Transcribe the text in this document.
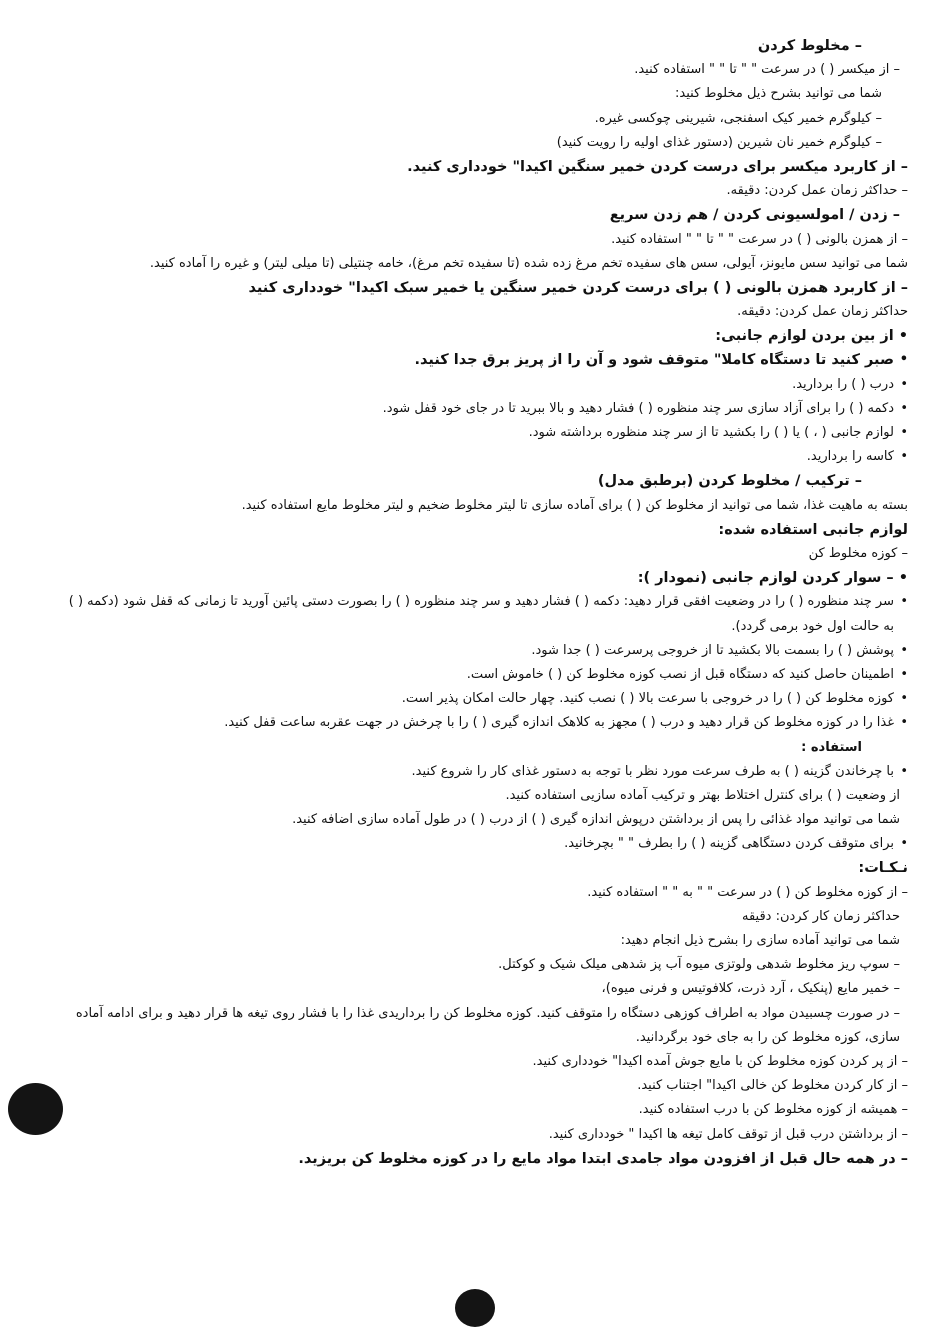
– مخلوط کردن
– از میکسر ( ) در سرعت " " تا " " استفاده کنید.
شما می توانید بشرح ذیل مخلوط کنید:
– کیلوگرم خمیر کیک اسفنجی، شیرینی چوکسی غیره.
– کیلوگرم خمیر نان شیرین (دستور غذای اولیه را رویت کنید)
– از کاربرد میکسر برای درست کردن خمیر سنگین اکیدا" خودداری کنید.
– حداکثر زمان عمل کردن: دقیقه.
– زدن / امولسیونی کردن / هم زدن سریع
– از همزن بالونی ( ) در سرعت " " تا " " استفاده کنید.
شما می توانید سس مایونز، آیولی، سس های سفیده تخم مرغ زده شده (تا سفیده تخم مرغ)، خامه چنتیلی (تا میلی لیتر) و غیره را آماده کنید.
– از کاربرد همزن بالونی ( ) برای درست کردن خمیر سنگین یا خمیر سبک اکیدا" خودداری کنید
حداکثر زمان عمل کردن: دقیقه.
• از بین بردن لوازم جانبی:
• صبر کنید تا دستگاه کاملا" متوقف شود و آن را از پریز برق جدا کنید.
• درب ( ) را بردارید.
• دکمه ( ) را برای آزاد سازی سر چند منظوره ( ) فشار دهید و بالا ببرید تا در جای خود قفل شود.
• لوازم جانبی ( ، ) یا ( ) را بکشید تا از سر چند منظوره برداشته شود.
• کاسه را بردارید.
– ترکیب / مخلوط کردن (برطبق مدل)
بسته به ماهیت غذا، شما می توانید از مخلوط کن ( ) برای آماده سازی تا لیتر مخلوط ضخیم و لیتر مخلوط مایع استفاده کنید.
لوازم جانبی استفاده شده:
– کوزه مخلوط کن
• – سوار کردن لوازم جانبی (نمودار ):
• سر چند منظوره ( ) را در وضعیت افقی قرار دهید: دکمه ( ) فشار دهید و سر چند منظوره ( ) را بصورت دستی پائین آورید تا زمانی که قفل شود (دکمه ( ) به حالت اول خود برمی گردد).
• پوشش ( ) را بسمت بالا بکشید تا از خروجی پرسرعت ( ) جدا شود.
• اطمینان حاصل کنید که دستگاه قبل از نصب کوزه مخلوط کن ( ) خاموش است.
• کوزه مخلوط کن ( ) را در خروجی با سرعت بالا ( ) نصب کنید. چهار حالت امکان پذیر است.
• غذا را در کوزه مخلوط کن قرار دهید و درب ( ) مجهز به کلاهک اندازه گیری ( ) را با چرخش در جهت عقربه ساعت قفل کنید.
استفاده :
• با چرخاندن گزینه ( ) به طرف سرعت مورد نظر با توجه به دستور غذای کار را شروع کنید.
از وضعیت ( ) برای کنترل اختلاط بهتر و ترکیب آماده سازیی استفاده کنید.
شما می توانید مواد غذائی را پس از برداشتن درپوش اندازه گیری ( ) از درب ( ) در طول آماده سازی اضافه کنید.
• برای متوقف کردن دستگاهی گزینه ( ) را بطرف " " بچرخانید.
نـکـات:
– از کوزه مخلوط کن ( ) در سرعت " " به " " استفاده کنید.
حداکثر زمان کار کردن: دقیقه
شما می توانید آماده سازی را بشرح ذیل انجام دهید:
– سوپ ریز مخلوط شدهی ولوتزی میوه آب پز شدهی میلک شیک و کوکتل.
– خمیر مایع (پنکیک ، آرد ذرت، کلافوتیس و فرنی میوه)،
– در صورت چسبیدن مواد به اطراف کوزهی دستگاه را متوقف کنید. کوزه مخلوط کن را برداریدی غذا را با فشار روی تیغه ها قرار دهید و برای ادامه آماده سازی، کوزه مخلوط کن را به جای خود برگردانید.
– از پر کردن کوزه مخلوط کن با مایع جوش آمده اکیدا" خودداری کنید.
– از کار کردن مخلوط کن خالی اکیدا" اجتناب کنید.
– همیشه از کوزه مخلوط کن با درب استفاده کنید.
– از برداشتن درب قبل از توقف کامل تیغه ها اکیدا " خودداری کنید.
– در همه حال قبل از افزودن مواد جامدی ابتدا مواد مایع را در کوزه مخلوط کن بریزید.
